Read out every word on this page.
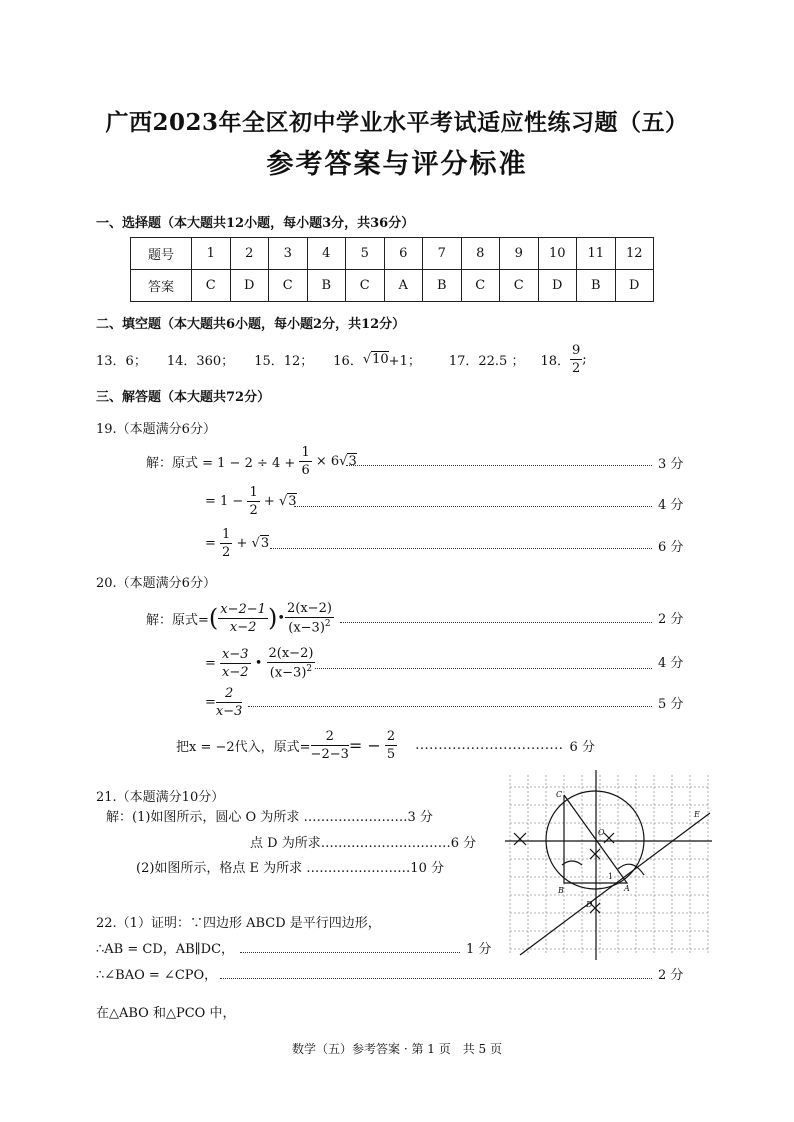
广西2023年全区初中学业水平考试适应性练习题（五）
参考答案与评分标准
一、选择题（本大题共12小题，每小题3分，共36分）
题号	1	2	3	4	5	6	7	8	9	10	11	12
答案	C	D	C	B	C	A	B	C	C	D	B	D
二、填空题（本大题共6小题，每小题2分，共12分）
13．6； 14．360； 15．12； 16． √ 10 +1； 17．22.5 ； 18． $\frac{9}{2}$ ;
三、解答题（本大题共72分）
19.（本题满分6分）
解：原式 = 1 − 2 ÷ 4 +
$\frac{1}{6}$
× 6 √ 3	3 分
= 1 −
$\frac{1}{2}$
+
√ 3	4 分
=
$\frac{1}{2}$
+
√ 3	6 分
20.（本题满分6分）
解：原式= ( $\frac{x-2-1}{x-2}$ ) • $\frac{2(x-2)}{(x-3)^2}$	2 分
=
$\frac{x-3}{x-2}$
•
$\frac{2(x-2)}{(x-3)^2}$	4 分
= $\frac{2}{x-3}$	5 分
把x = −2代入，原式= $\frac{2}{-2-3}$ = −
$\frac{2}{5}$ ................................ 6 分
21.（本题满分10分）
解：(1)如图所示，圆心 O 为所求 ……………………3 分
点 D 为所求…………………………6 分
(2)如图所示，格点 E 为所求 ……………………10 分
C
O
B
D
A
E
1
22.（1）证明：∵四边形 ABCD 是平行四边形，
∴AB = CD，AB∥DC，	1 分
∴∠BAO = ∠CPO，	2 分
在△ABO 和△PCO 中，
数学（五）参考答案 · 第 1 页　共 5 页
